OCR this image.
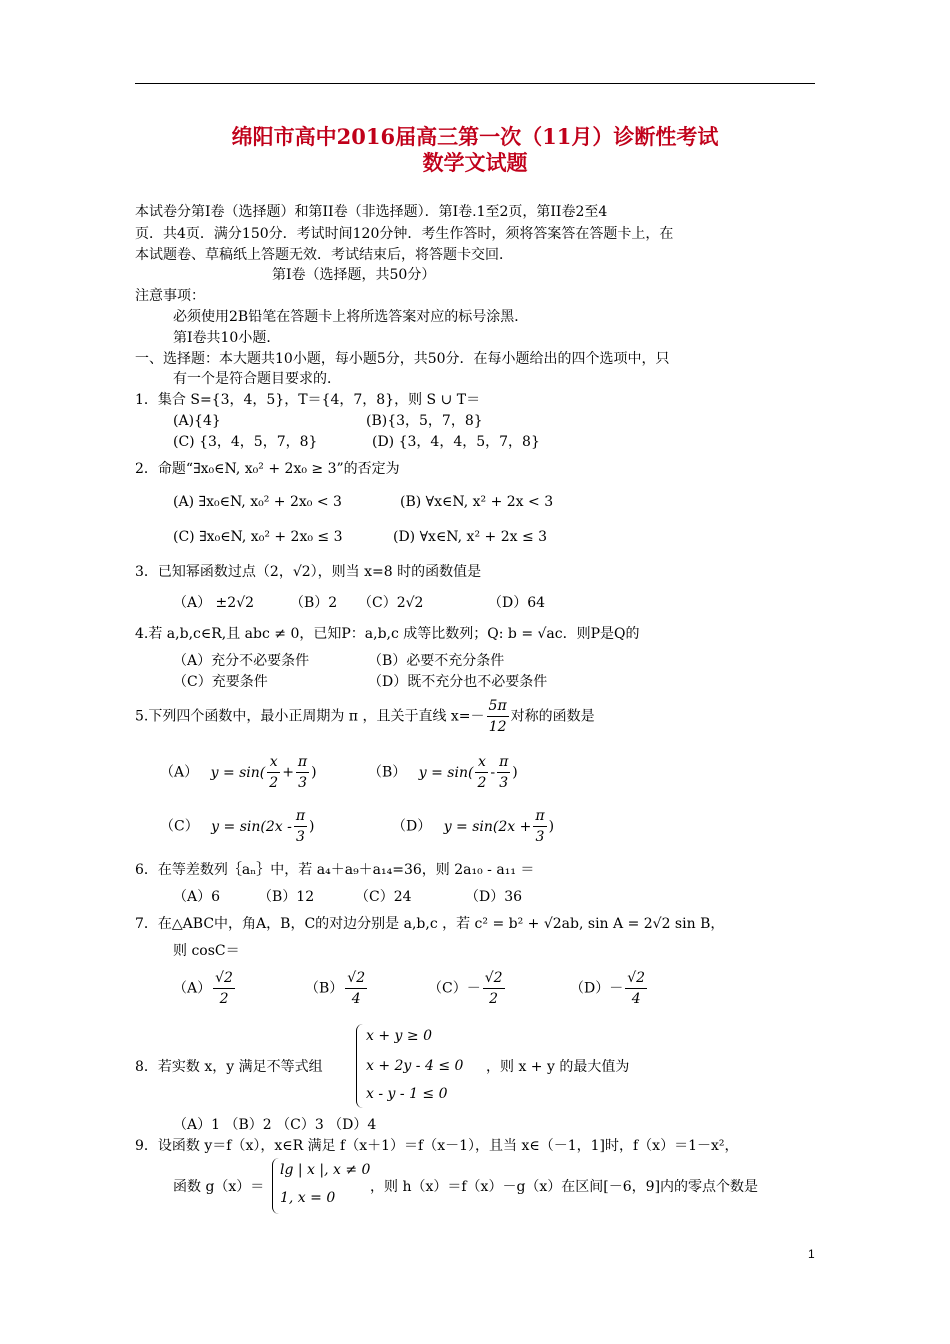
绵阳市高中2016届高三第一次（11月）诊断性考试
数学文试题
本试卷分第I卷（选择题）和第II卷（非选择题）．第I卷.1至2页，第II卷2至4
页．共4页．满分150分．考试时间120分钟．考生作答时，须将答案答在答题卡上，在
本试题卷、草稿纸上答题无效．考试结束后，将答题卡交回．
第I卷（选择题，共50分）
注意事项：
必须使用2B铅笔在答题卡上将所选答案对应的标号涂黑．
第I卷共10小题．
一、选择题：本大题共10小题，每小题5分，共50分．在每小题给出的四个选项中，只
有一个是符合题目要求的．
1．集合 S={3，4，5}，T＝{4，7，8}，则 S ∪ T＝
(A){4}	(B){3，5，7，8}
(C) {3，4，5，7，8}	(D) {3，4，4，5，7，8}
2．命题“∃x₀∈N, x₀² + 2x₀ ≥ 3”的否定为
(A) ∃x₀∈N, x₀² + 2x₀ < 3	(B) ∀x∈N, x² + 2x < 3
(C) ∃x₀∈N, x₀² + 2x₀ ≤ 3	(D) ∀x∈N, x² + 2x ≤ 3
3．已知幂函数过点（2，√2），则当 x=8 时的函数值是
（A） ±2√2	（B）2 （C）2√2	（D）64
4.若 a,b,c∈R,且 abc ≠ 0，已知P：a,b,c 成等比数列；Q: b = √ac．则P是Q的
（A）充分不必要条件	（B）必要不充分条件
（C）充要条件	（D）既不充分也不必要条件
5.下列四个函数中，最小正周期为 π ，且关于直线 $x=- \frac{5\pi}{12}$ 对称的函数是
（A） $y = \sin( \frac{x}{2} + \frac{\pi}{3}$ )	（B） $y = \sin( \frac{x}{2} - \frac{\pi}{3}$ )
（C） $y = \sin(2x - \frac{\pi}{3}$ )	（D） $y = \sin(2x + \frac{\pi}{3}$ )
6．在等差数列｛aₙ｝中，若 a₄＋a₉＋a₁₄=36，则 2a₁₀ - a₁₁ ＝
（A）6	（B）12	（C）24	（D）36
7．在△ABC中，角A，B，C的对边分别是 a,b,c ，若 c² = b² + √2ab, sin A = 2√2 sin B，
则 cosC＝
$(A) \frac{√2}{2}$	$(B) \frac{√2}{4}$	$(C)- \frac{√2}{2}$	$(D)- \frac{√2}{4}$
8．若实数 x，y 满足不等式组
x + y ≥ 0
x + 2y - 4 ≤ 0
x - y - 1 ≤ 0
，则 x + y 的最大值为
（A）1 （B）2 （C）3 （D）4
9．设函数 y＝f（x），x∈R 满足 f（x＋1）＝f（x－1），且当 x∈（－1，1]时，f（x）＝1－x²，
函数 g（x）＝
lg | x |, x ≠ 0
1, x = 0
，则 h（x）＝f（x）－g（x）在区间[－6，9]内的零点个数是
1
